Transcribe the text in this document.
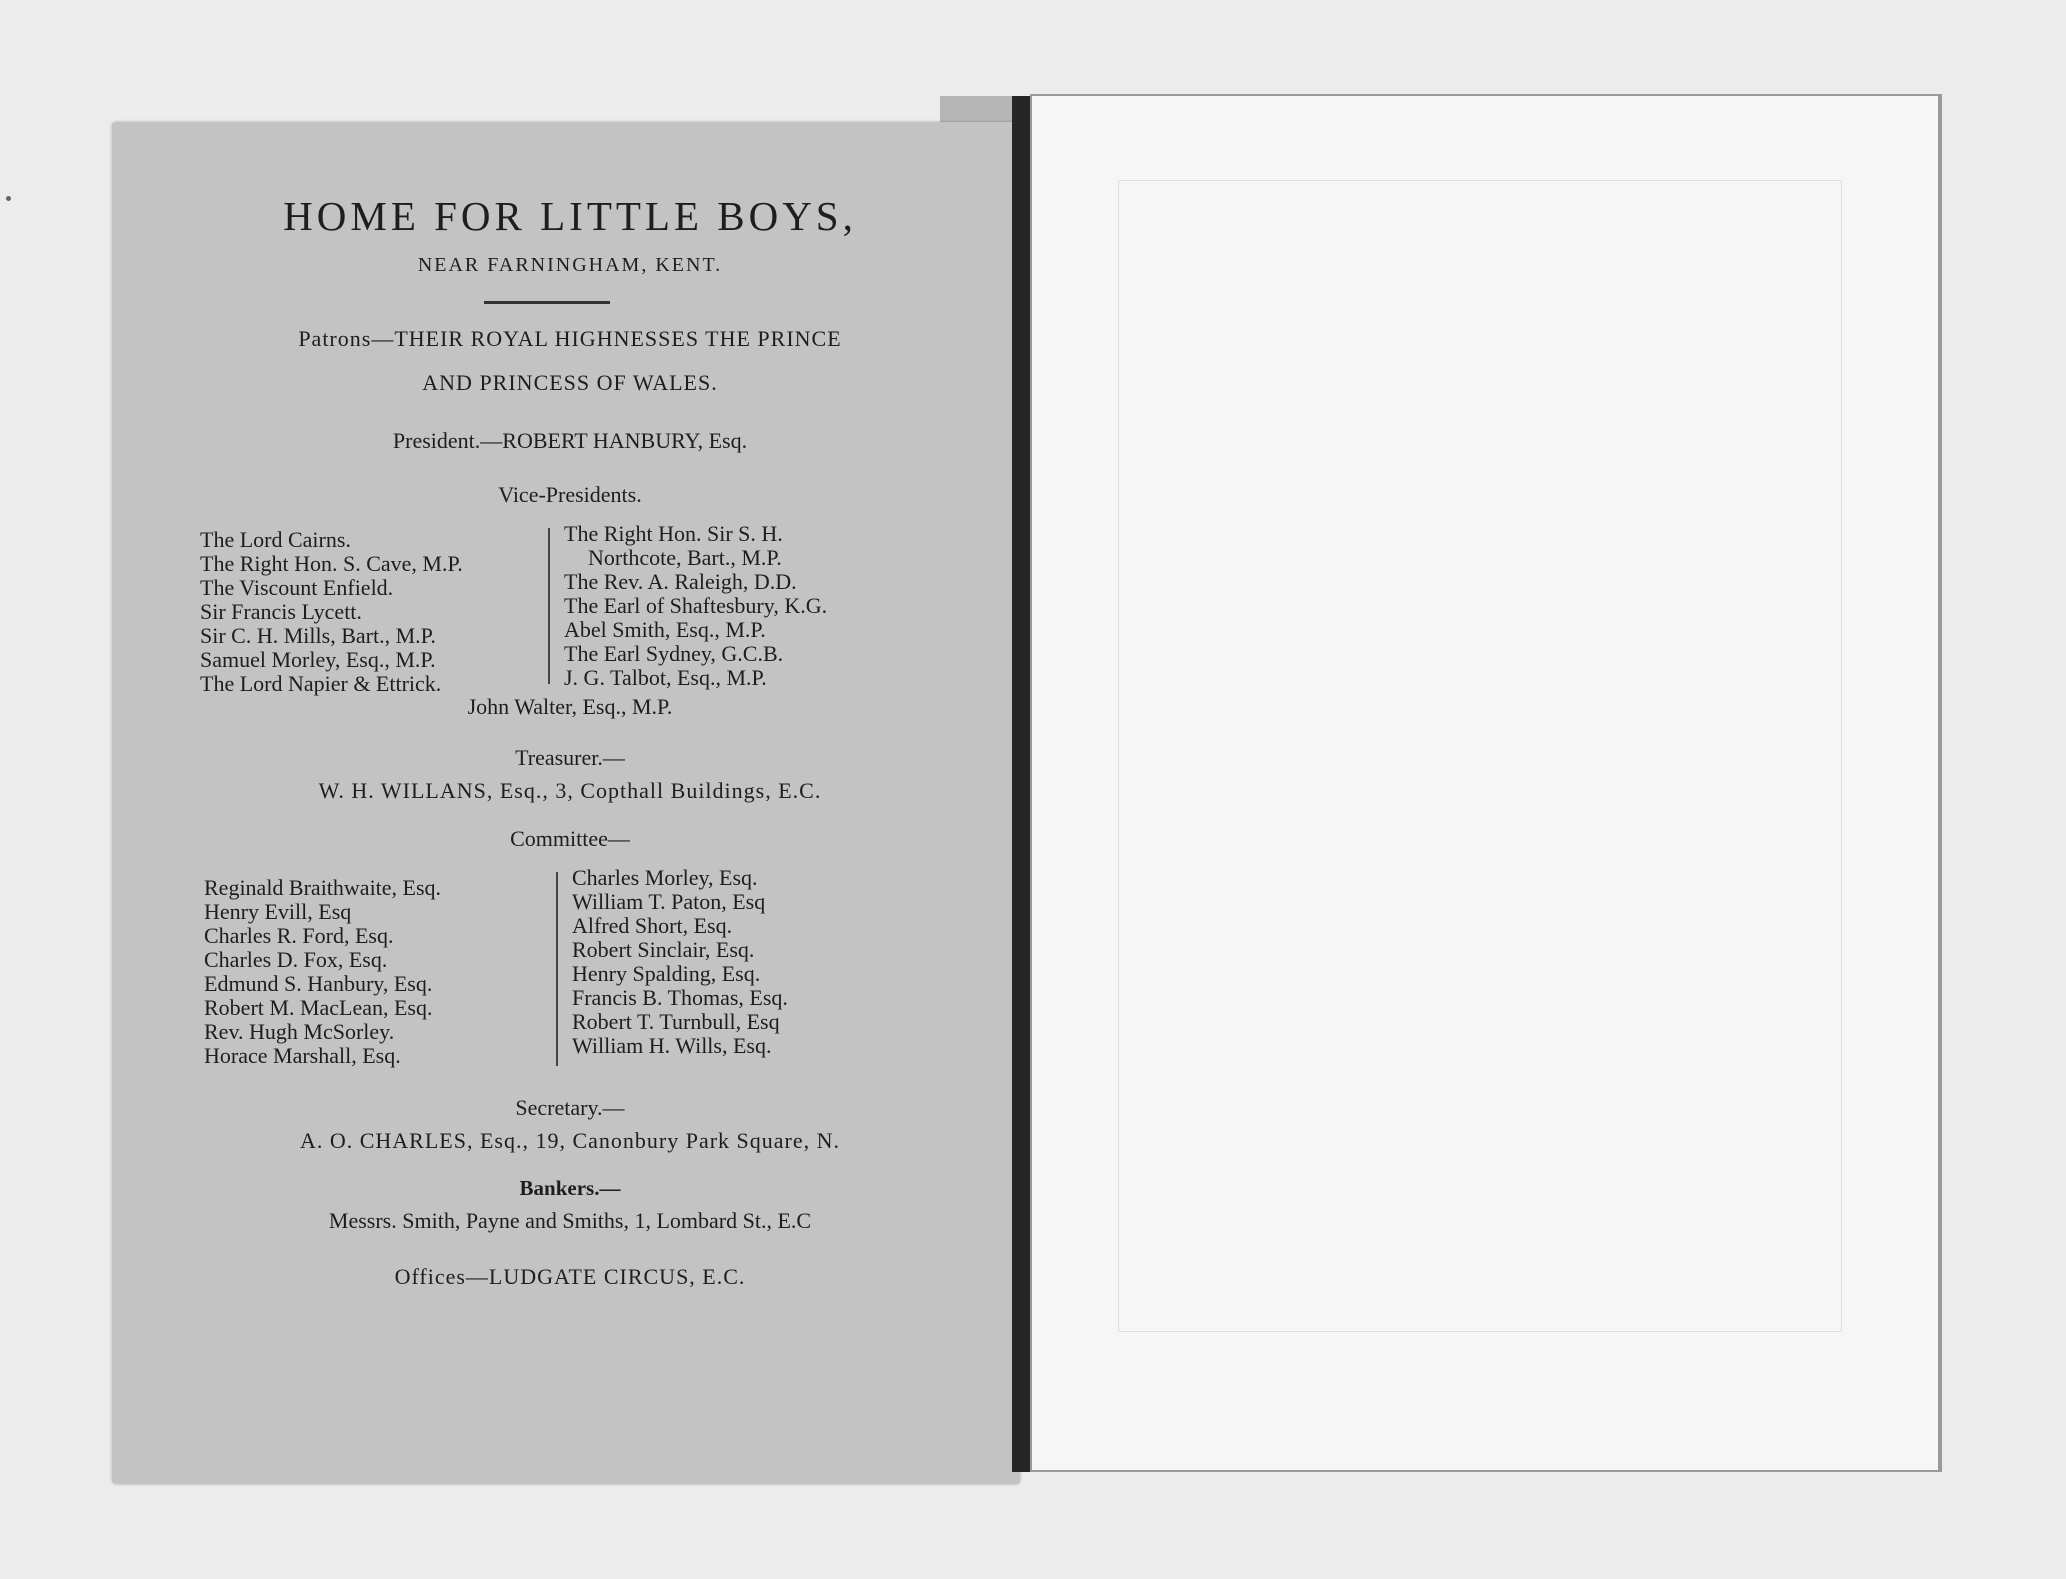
HOME FOR LITTLE BOYS,

NEAR FARNINGHAM, KENT.

Patrons—THEIR ROYAL HIGHNESSES THE PRINCE

AND PRINCESS OF WALES.

President.—ROBERT HANBURY, Esq.

Vice-Presidents.

The Lord Cairns.
The Right Hon. S. Cave, M.P.
The Viscount Enfield.
Sir Francis Lycett.
Sir C. H. Mills, Bart., M.P.
Samuel Morley, Esq., M.P.
The Lord Napier & Ettrick.
The Right Hon. Sir S. H.
Northcote, Bart., M.P.
The Rev. A. Raleigh, D.D.
The Earl of Shaftesbury, K.G.
Abel Smith, Esq., M.P.
The Earl Sydney, G.C.B.
J. G. Talbot, Esq., M.P.

John Walter, Esq., M.P.

Treasurer.—

W. H. WILLANS, Esq., 3, Copthall Buildings, E.C.

Committee—

Reginald Braithwaite, Esq.
Henry Evill, Esq
Charles R. Ford, Esq.
Charles D. Fox, Esq.
Edmund S. Hanbury, Esq.
Robert M. MacLean, Esq.
Rev. Hugh McSorley.
Horace Marshall, Esq.
Charles Morley, Esq.
William T. Paton, Esq
Alfred Short, Esq.
Robert Sinclair, Esq.
Henry Spalding, Esq.
Francis B. Thomas, Esq.
Robert T. Turnbull, Esq
William H. Wills, Esq.

Secretary.—

A. O. CHARLES, Esq., 19, Canonbury Park Square, N.

Bankers.—

Messrs. Smith, Payne and Smiths, 1, Lombard St., E.C

Offices—LUDGATE CIRCUS, E.C.
